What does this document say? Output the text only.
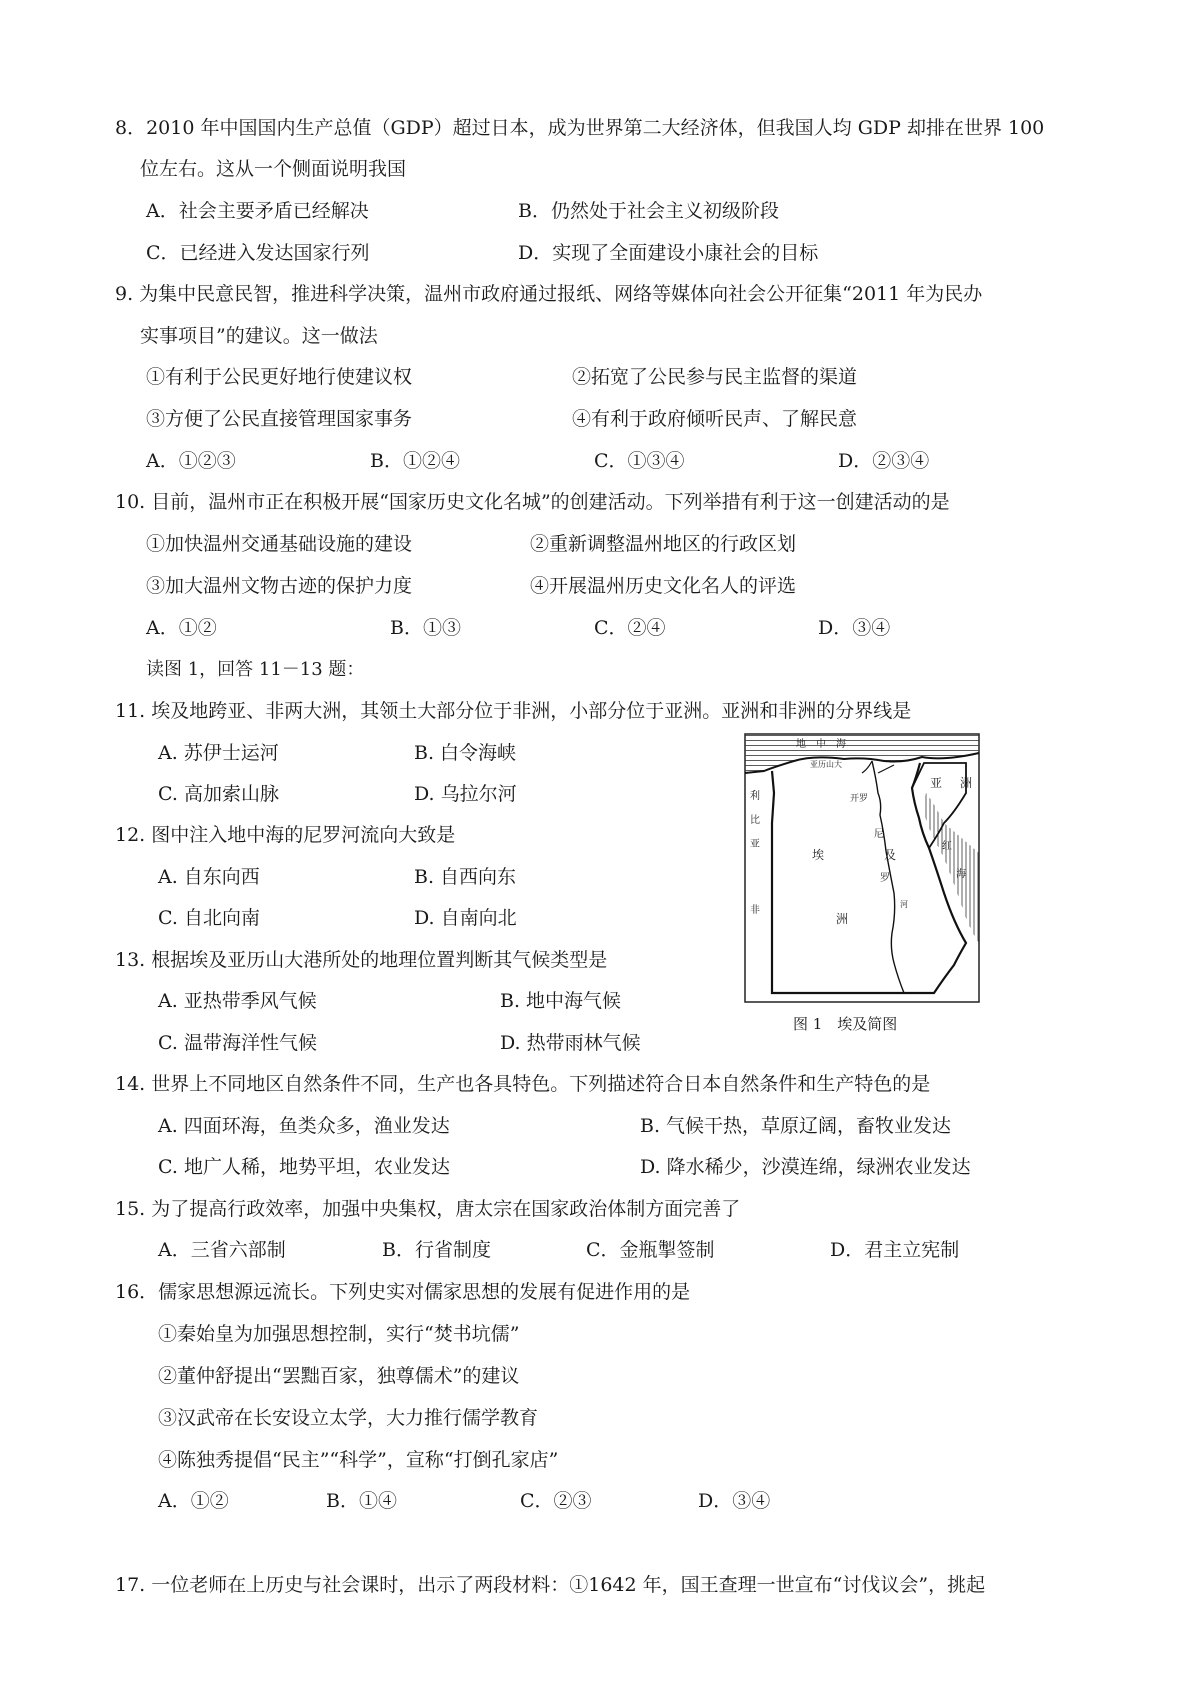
8．2010 年中国国内生产总值（GDP）超过日本，成为世界第二大经济体，但我国人均 GDP 却排在世界 100
位左右。这从一个侧面说明我国
A．社会主要矛盾已经解决	B．仍然处于社会主义初级阶段
C．已经进入发达国家行列	D．实现了全面建设小康社会的目标
9. 为集中民意民智，推进科学决策，温州市政府通过报纸、网络等媒体向社会公开征集“2011 年为民办
实事项目”的建议。这一做法
①有利于公民更好地行使建议权	②拓宽了公民参与民主监督的渠道
③方便了公民直接管理国家事务	④有利于政府倾听民声、了解民意
A．①②③	B．①②④	C．①③④	D．②③④
10. 目前，温州市正在积极开展“国家历史文化名城”的创建活动。下列举措有利于这一创建活动的是
①加快温州交通基础设施的建设	②重新调整温州地区的行政区划
③加大温州文物古迹的保护力度	④开展温州历史文化名人的评选
A．①②	B．①③	C．②④	D．③④
读图 1，回答 11－13 题：
11. 埃及地跨亚、非两大洲，其领土大部分位于非洲，小部分位于亚洲。亚洲和非洲的分界线是
A. 苏伊士运河	B. 白令海峡
C. 高加索山脉	D. 乌拉尔河
12. 图中注入地中海的尼罗河流向大致是
A. 自东向西	B. 自西向东
C. 自北向南	D. 自南向北
13. 根据埃及亚历山大港所处的地理位置判断其气候类型是
A. 亚热带季风气候	B. 地中海气候
C. 温带海洋性气候	D. 热带雨林气候
地　中　海
亚历山大
开罗
利
比
亚
亚 洲
埃
尼
及
罗
河
洲
红
海
非
图 1　埃及简图
14. 世界上不同地区自然条件不同，生产也各具特色。下列描述符合日本自然条件和生产特色的是
A. 四面环海，鱼类众多，渔业发达	B. 气候干热，草原辽阔，畜牧业发达
C. 地广人稀，地势平坦，农业发达	D. 降水稀少，沙漠连绵，绿洲农业发达
15. 为了提高行政效率，加强中央集权，唐太宗在国家政治体制方面完善了
A．三省六部制	B．行省制度	C．金瓶掣签制	D．君主立宪制
16．儒家思想源远流长。下列史实对儒家思想的发展有促进作用的是
①秦始皇为加强思想控制，实行“焚书坑儒”
②董仲舒提出“罢黜百家，独尊儒术”的建议
③汉武帝在长安设立太学，大力推行儒学教育
④陈独秀提倡“民主”“科学”，宣称“打倒孔家店”
A．①②	B．①④	C．②③	D．③④
17. 一位老师在上历史与社会课时，出示了两段材料：①1642 年，国王查理一世宣布“讨伐议会”，挑起
